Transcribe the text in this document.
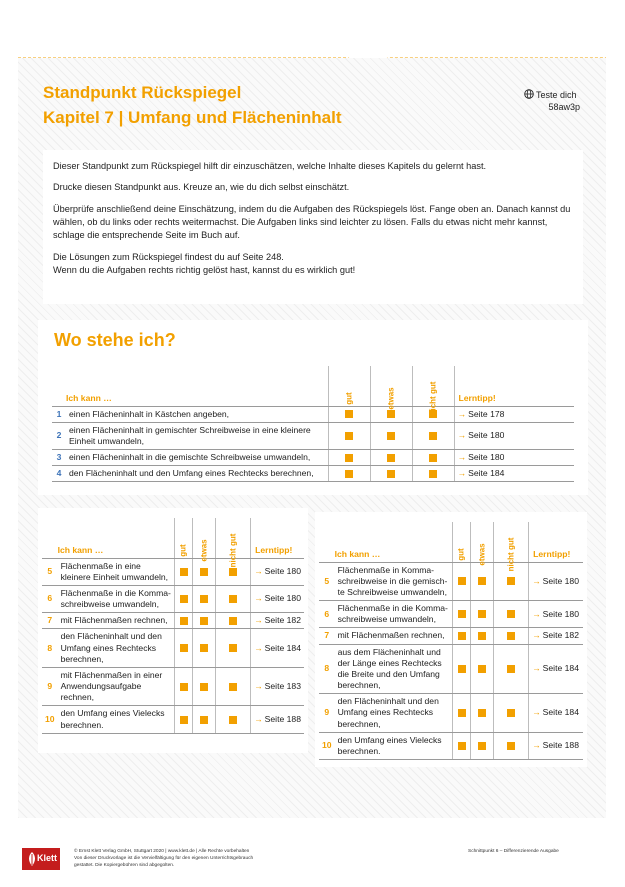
Standpunkt Rückspiegel
Kapitel 7 | Umfang und Flächeninhalt
Teste dich
58aw3p

Dieser Standpunkt zum Rückspiegel hilft dir einzuschätzen, welche Inhalte dieses Kapitels du gelernt hast.

Drucke diesen Standpunkt aus. Kreuze an, wie du dich selbst einschätzt.

Überprüfe anschließend deine Einschätzung, indem du die Aufgaben des Rückspiegels löst. Fange oben an. Danach kannst du wählen, ob du links oder rechts weitermachst. Die Aufgaben links sind leichter zu lösen. Falls du etwas nicht mehr kannst, schlage die entsprechende Seite im Buch auf.

Die Lösungen zum Rückspiegel findest du auf Seite 248.
Wenn du die Aufgaben rechts richtig gelöst hast, kannst du es wirklich gut!

Wo stehe ich?
	Ich kann …	gut	etwas	nicht gut	Lerntipp!
1	einen Flächeninhalt in Kästchen angeben,				→ Seite 178
2	einen Flächeninhalt in gemischter Schreibweise in eine kleinere Einheit umwandeln,				→ Seite 180
3	einen Flächeninhalt in die gemischte Schreibweise umwandeln,				→ Seite 180
4	den Flächeninhalt und den Umfang eines Rechtecks berechnen,				→ Seite 184
	Ich kann …	gut	etwas	nicht gut	Lerntipp!
5	Flächenmaße in eine kleinere Einheit umwandeln,				→ Seite 180
6	Flächenmaße in die Komma-schreibweise umwandeln,				→ Seite 180
7	mit Flächenmaßen rechnen,				→ Seite 182
8	den Flächeninhalt und den Umfang eines Rechtecks berechnen,				→ Seite 184
9	mit Flächenmaßen in einer Anwendungsaufgabe rechnen,				→ Seite 183
10	den Umfang eines Vielecks berechnen.				→ Seite 188
	Ich kann …	gut	etwas	nicht gut	Lerntipp!
5	Flächenmaße in Komma-schreibweise in die gemisch-te Schreibweise umwandeln,				→ Seite 180
6	Flächenmaße in die Komma-schreibweise umwandeln,				→ Seite 180
7	mit Flächenmaßen rechnen,				→ Seite 182
8	aus dem Flächeninhalt und der Länge eines Rechtecks die Breite und den Umfang berechnen,				→ Seite 184
9	den Flächeninhalt und den Umfang eines Rechtecks berechnen,				→ Seite 184
10	den Umfang eines Vielecks berechnen.				→ Seite 188
Klett
© Ernst Klett Verlag GmbH, Stuttgart 2020 | www.klett.de | Alle Rechte vorbehalten
Von dieser Druckvorlage ist die Vervielfältigung für den eigenen Unterrichtsgebrauch
gestattet. Die Kopiergebühren sind abgegolten.
Schnittpunkt 6 – Differenzierende Ausgabe
